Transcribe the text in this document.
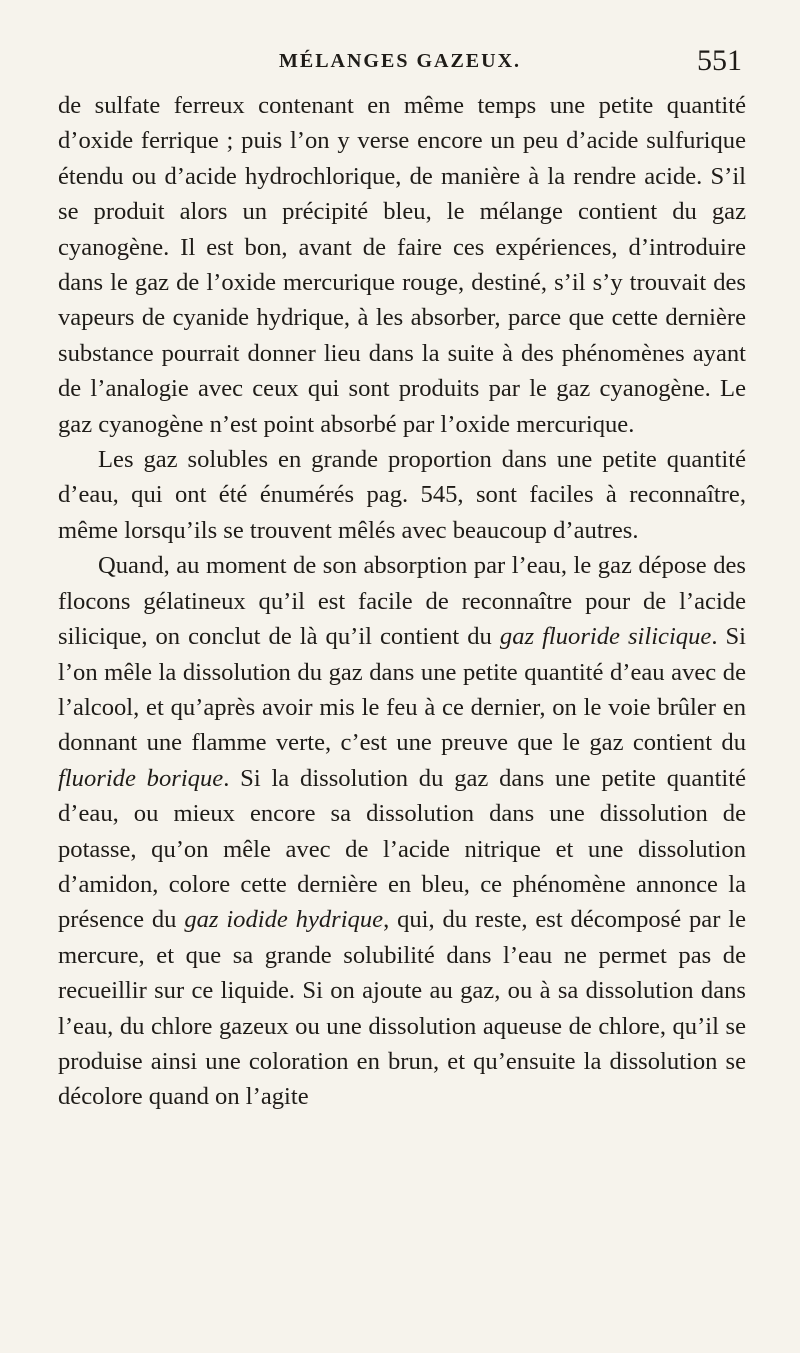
MÉLANGES GAZEUX.	551

de sulfate ferreux contenant en même temps une petite quantité d’oxide ferrique ; puis l’on y verse encore un peu d’acide sulfurique étendu ou d’acide hydrochlorique, de manière à la rendre acide. S’il se produit alors un précipité bleu, le mélange contient du gaz cyanogène. Il est bon, avant de faire ces expériences, d’introduire dans le gaz de l’oxide mercurique rouge, destiné, s’il s’y trouvait des vapeurs de cyanide hydrique, à les absorber, parce que cette dernière substance pourrait donner lieu dans la suite à des phénomènes ayant de l’analogie avec ceux qui sont produits par le gaz cyanogène. Le gaz cyanogène n’est point absorbé par l’oxide mercurique.

Les gaz solubles en grande proportion dans une petite quantité d’eau, qui ont été énumérés pag. 545, sont faciles à reconnaître, même lorsqu’ils se trouvent mêlés avec beaucoup d’autres.

Quand, au moment de son absorption par l’eau, le gaz dépose des flocons gélatineux qu’il est facile de reconnaître pour de l’acide silicique, on conclut de là qu’il contient du gaz fluoride silicique. Si l’on mêle la dissolution du gaz dans une petite quantité d’eau avec de l’alcool, et qu’après avoir mis le feu à ce dernier, on le voie brûler en donnant une flamme verte, c’est une preuve que le gaz contient du fluoride borique. Si la dissolution du gaz dans une petite quantité d’eau, ou mieux encore sa dissolution dans une dissolution de potasse, qu’on mêle avec de l’acide nitrique et une dissolution d’amidon, colore cette dernière en bleu, ce phénomène annonce la présence du gaz iodide hydrique, qui, du reste, est décomposé par le mercure, et que sa grande solubilité dans l’eau ne permet pas de recueillir sur ce liquide. Si on ajoute au gaz, ou à sa dissolution dans l’eau, du chlore gazeux ou une dissolution aqueuse de chlore, qu’il se produise ainsi une coloration en brun, et qu’ensuite la dissolution se décolore quand on l’agite
